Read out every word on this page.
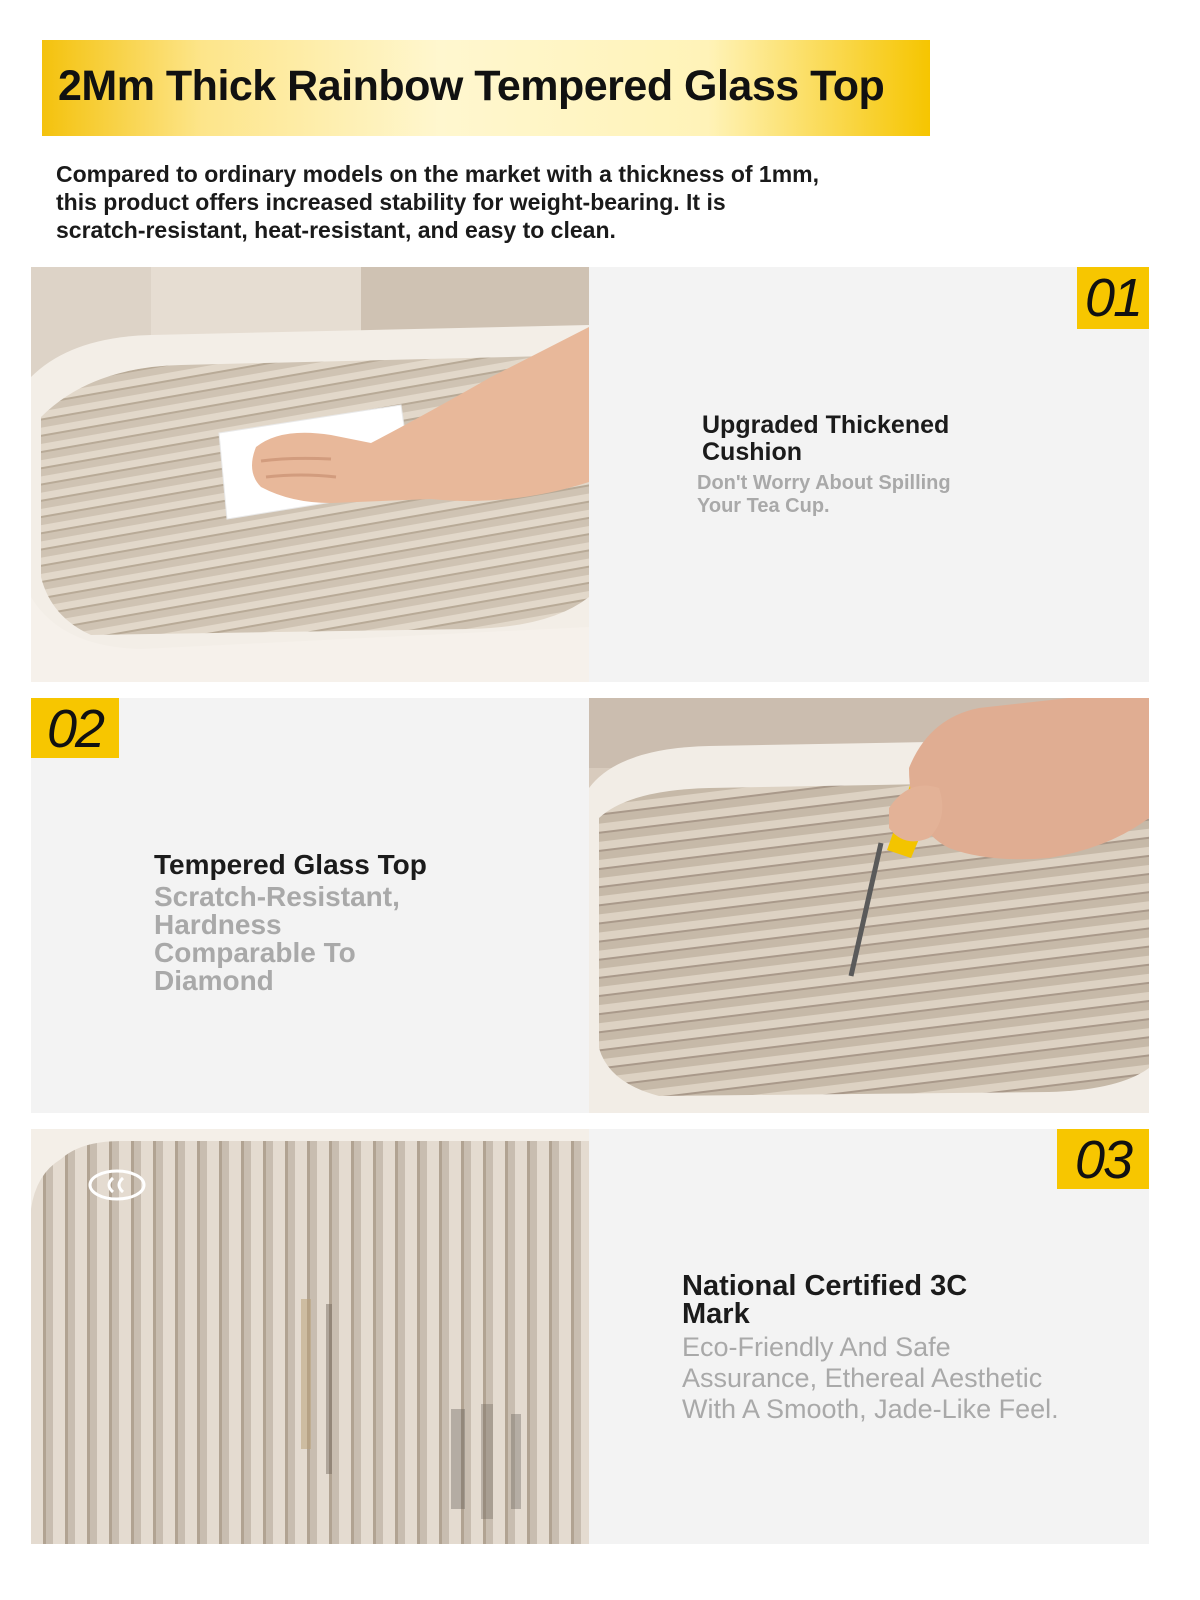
2Mm Thick Rainbow Tempered Glass Top

Compared to ordinary models on the market with a thickness of 1mm,
this product offers increased stability for weight-bearing. It is
scratch-resistant, heat-resistant, and easy to clean.

01
Upgraded Thickened
Cushion

Don't Worry About Spilling
Your Tea Cup.

02
Tempered Glass Top

Scratch-Resistant,
Hardness
Comparable To
Diamond

03
National Certified 3C
Mark

Eco-Friendly And Safe
Assurance, Ethereal Aesthetic
With A Smooth, Jade-Like Feel.
